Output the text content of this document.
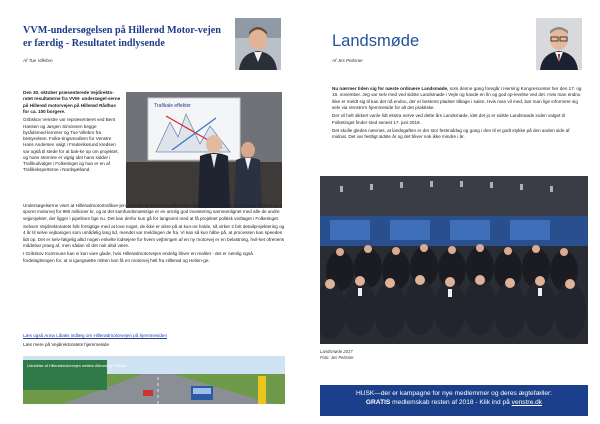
VVM-undersøgelsen på Hillerød Motor-vejen er færdig - Resultatet indlysende

Af Tue Villebro

Den 30. oktober præsenterede Vejdirekto-ratet resultaterne fra VVM- undersøgel-serne på Hillerød motorvejen på Hillerød Rådhus for ca. 100 borgere.

Gribskov Venstre var repræsenteret ved Bent Hansen og Jørgen Simonsen begge byrådsmed-lemmer og Tue Villebro fra bestyrelsen. Folke-tingsmedlem for Venstre Hans Andersen valgt i Frederikssund kredsen var også til stede for at bak-ke op om projektet, og hans stemme er vigtig idet hans sidder i Trafikudvalget i Folketinget og han er en af Trafikeksperterne i Nordsjælland.

Trafikale effekter

Undersøgelserne viser at Hillerødmotortrafikve-jen, som en af de mest trafikerede vejstrækninger i hele landet, kan blive til en 4 sporet motorvej for 980 millioner kr. og at det samfundsmæssige er en utrolig god investering sammenlignet med alle de andre vejprojekter, der ligger i pipelinen lige nu. Det kan derfor kun gå for langsomt med at få projektet politisk vedtaget i Folketinget.

Selvom Vejdirektoratets folk forsigtige med at love noget, de ikke er sikre på at kun-ne holde, så virker 2 brit detailprojektering og 4 år til selve vejbanigen som umådelig lang tid, mendet var meldingen de fra. Vi kan så kun håbe på, at processen kan speedes lidt op. Det er selv-følgelig altid nogen enkelte lodsejere for hvem vejbringen af en ny motorvej er en belastning, hvil-ket ofrenens mådebar praeg af, men sådan vil det nok altid være.

I Gribskov Kommune kan vi kun vare glade, hvis Hillerødmotorvejen endelig bliver en realitet - det er nemlig også fordelagtningen for, at vi igangsætte mitten kan få en motorvej helt fra Hillerød og Helsin-ge.

Læs også Anna Libaks indlæg om Hillerødmotorvejen på hjemmesiden

Læs mere på Vejdirektoratets hjemmeside

Udvidelse af Hillerødmotorvejen mellem Allerød og Hillerød
Landsmøde

Af Jes Peitsner

Nu nærmer tiden sig for næste ordinære Landsmøde, som denne gang foregår i Herning Kongrescenter her den 17. og 18. november. Jeg var selv med ved sidste Landsmøde i Vejle og havde en fin og god op-levelse ved det. Hvis man endnu ikke er meldt sig til kan det nå endnu, der er bestemt pladser tilbage i salen. Hvis man vil med, bør man lige informere sig selv via Venstre's hjemmeside for alt det praktiske.

Der vil helt sikkert vanle lidt ekstra nerve ved dette års Landsmøde, idet det jo er sidste Landsmøde inden valget til Folketinget finder sted senest 17. juni 2019.

Det skulle gledes nævnes, at landsgaften er der stor festmiddag og gang i den til et godt stykke på den anden side af midnat. Det var festligt sidste år og det bliver nok ikke mindre i år.

Landsmøde 2017

Foto: Jes Peitsner

HUSK—der er kampagne for nye medlemmer og deres ægtefæller:
GRATIS medlemskab resten af 2018 - Klik ind på venstre.dk
